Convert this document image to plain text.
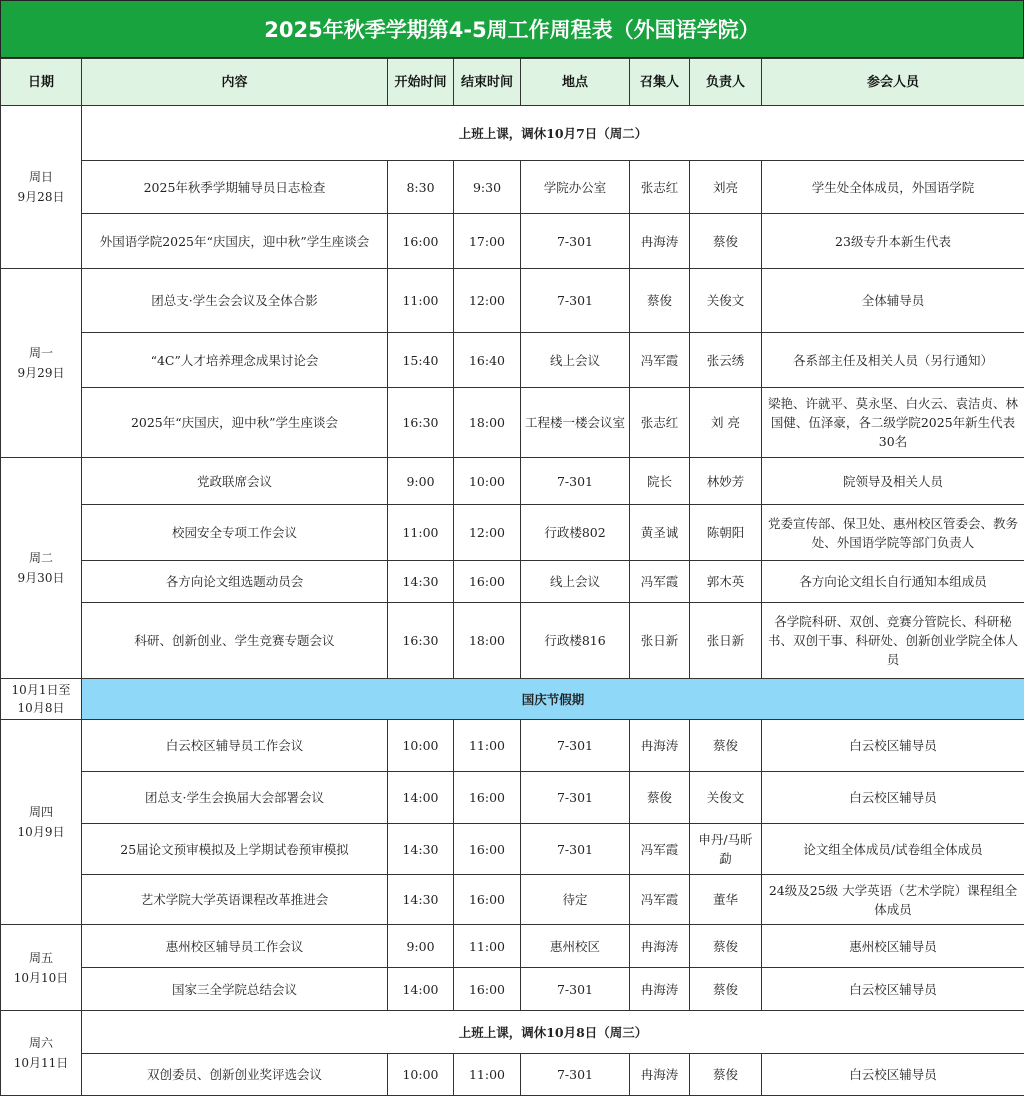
2025年秋季学期第4-5周工作周程表（外国语学院）
日期	内容	开始时间	结束时间	地点	召集人	负责人	参会人员

周日
9月28日	上班上课，调休10月7日（周二）						
	2025年秋季学期辅导员日志检查	8:30	9:30	学院办公室	张志红	刘亮	学生处全体成员，外国语学院
	外国语学院2025年“庆国庆，迎中秋”学生座谈会	16:00	17:00	7-301	冉海涛	蔡俊	23级专升本新生代表

周一
9月29日	团总支·学生会会议及全体合影	11:00	12:00	7-301	蔡俊	关俊文	全体辅导员
	“4C”人才培养理念成果讨论会	15:40	16:40	线上会议	冯军霞	张云绣	各系部主任及相关人员（另行通知）
	2025年“庆国庆，迎中秋”学生座谈会	16:30	18:00	工程楼一楼会议室	张志红	刘 亮	梁艳、许就平、莫永坚、白火云、袁洁贞、林国健、伍泽豪，各二级学院2025年新生代表30名

周二
9月30日	党政联席会议	9:00	10:00	7-301	院长	林妙芳	院领导及相关人员
	校园安全专项工作会议	11:00	12:00	行政楼802	黄圣诚	陈朝阳	党委宣传部、保卫处、惠州校区管委会、教务处、外国语学院等部门负责人
	各方向论文组选题动员会	14:30	16:00	线上会议	冯军霞	郭木英	各方向论文组长自行通知本组成员
	科研、创新创业、学生竞赛专题会议	16:30	18:00	行政楼816	张日新	张日新	各学院科研、双创、竞赛分管院长、科研秘书、双创干事、科研处、创新创业学院全体人员

10月1日至
10月8日	国庆节假期						

周四
10月9日	白云校区辅导员工作会议	10:00	11:00	7-301	冉海涛	蔡俊	白云校区辅导员
	团总支·学生会换届大会部署会议	14:00	16:00	7-301	蔡俊	关俊文	白云校区辅导员
	25届论文预审模拟及上学期试卷预审模拟	14:30	16:00	7-301	冯军霞	申丹/马昕勐	论文组全体成员/试卷组全体成员
	艺术学院大学英语课程改革推进会	14:30	16:00	待定	冯军霞	董华	24级及25级 大学英语（艺术学院）课程组全体成员

周五
10月10日	惠州校区辅导员工作会议	9:00	11:00	惠州校区	冉海涛	蔡俊	惠州校区辅导员
	国家三全学院总结会议	14:00	16:00	7-301	冉海涛	蔡俊	白云校区辅导员

周六
10月11日	上班上课，调休10月8日（周三）						
	双创委员、创新创业奖评选会议	10:00	11:00	7-301	冉海涛	蔡俊	白云校区辅导员
